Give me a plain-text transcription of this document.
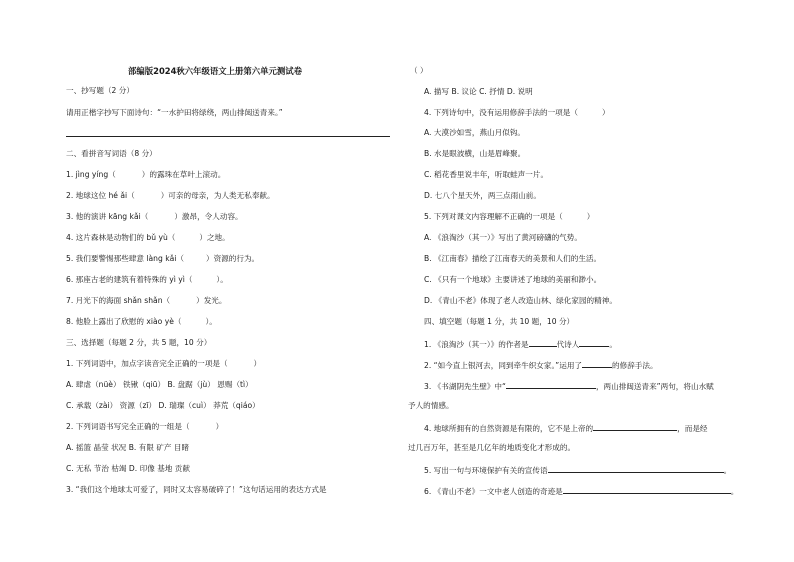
部编版2024秋六年级语文上册第六单元测试卷
一、抄写题（2 分）
请用正楷字抄写下面诗句：“一水护田将绿绕，两山排闼送青来。”
二、看拼音写词语（8 分）
1. jìng yíng（	）的露珠在草叶上滚动。
2. 地球这位 hé ǎi（	）可亲的母亲，为人类无私奉献。
3. 他的演讲 kāng kǎi（	）激昂，令人动容。
4. 这片森林是动物们的 bǔ yù（	）之地。
5. 我们要警惕那些肆意 làng kǎi（	）资源的行为。
6. 那座古老的建筑有着特殊的 yì yì（	）。
7. 月光下的海面 shǎn shǎn（	）发光。
8. 他脸上露出了欣慰的 xiào yè（	）。
三、选择题（每题 2 分，共 5 题，10 分）
1. 下列词语中，加点字读音完全正确的一项是（	）
A. 肆虐（nüè） 铁锹（qiū） B. 盘踞（jù） 恩赐（tì）
C. 承载（zài） 资源（zī） D. 瑞璨（cuì） 莽荒（qiáo）
2. 下列词语书写完全正确的一组是（	）
A. 摇篮 晶莹 状况 B. 有限 矿产 目睹
C. 无私 节治 枯竭 D. 印像 基地 贡献
3. “我们这个地球太可爱了，同时又太容易破碎了！”这句话运用的表达方式是
（ ）
A. 描写 B. 议论 C. 抒情 D. 说明
4. 下列诗句中，没有运用修辞手法的一项是（	）
A. 大漠沙如雪，燕山月似钩。
B. 水是眼波横，山是眉峰聚。
C. 稻花香里说丰年，听取蛙声一片。
D. 七八个星天外，两三点雨山前。
5. 下列对课文内容理解不正确的一项是（	）
A. 《浪淘沙（其一）》写出了黄河磅礴的气势。
B. 《江南春》描绘了江南春天的美景和人们的生活。
C. 《只有一个地球》主要讲述了地球的美丽和渺小。
D. 《青山不老》体现了老人改造山林、绿化家园的精神。
四、填空题（每题 1 分，共 10 题，10 分）
1. 《浪淘沙（其一）》的作者是	代诗人	。
2. “如今直上银河去，同到牵牛织女家。”运用了	的修辞手法。
3. 《书湖阴先生壁》中“	，两山排闼送青来”两句，将山水赋
予人的情感。
4. 地球所拥有的自然资源是有限的，它不是上帝的	，而是经
过几百万年，甚至是几亿年的地质变化才形成的。
5. 写出一句与环境保护有关的宣传语	。
6. 《青山不老》一文中老人创造的奇迹是	。
